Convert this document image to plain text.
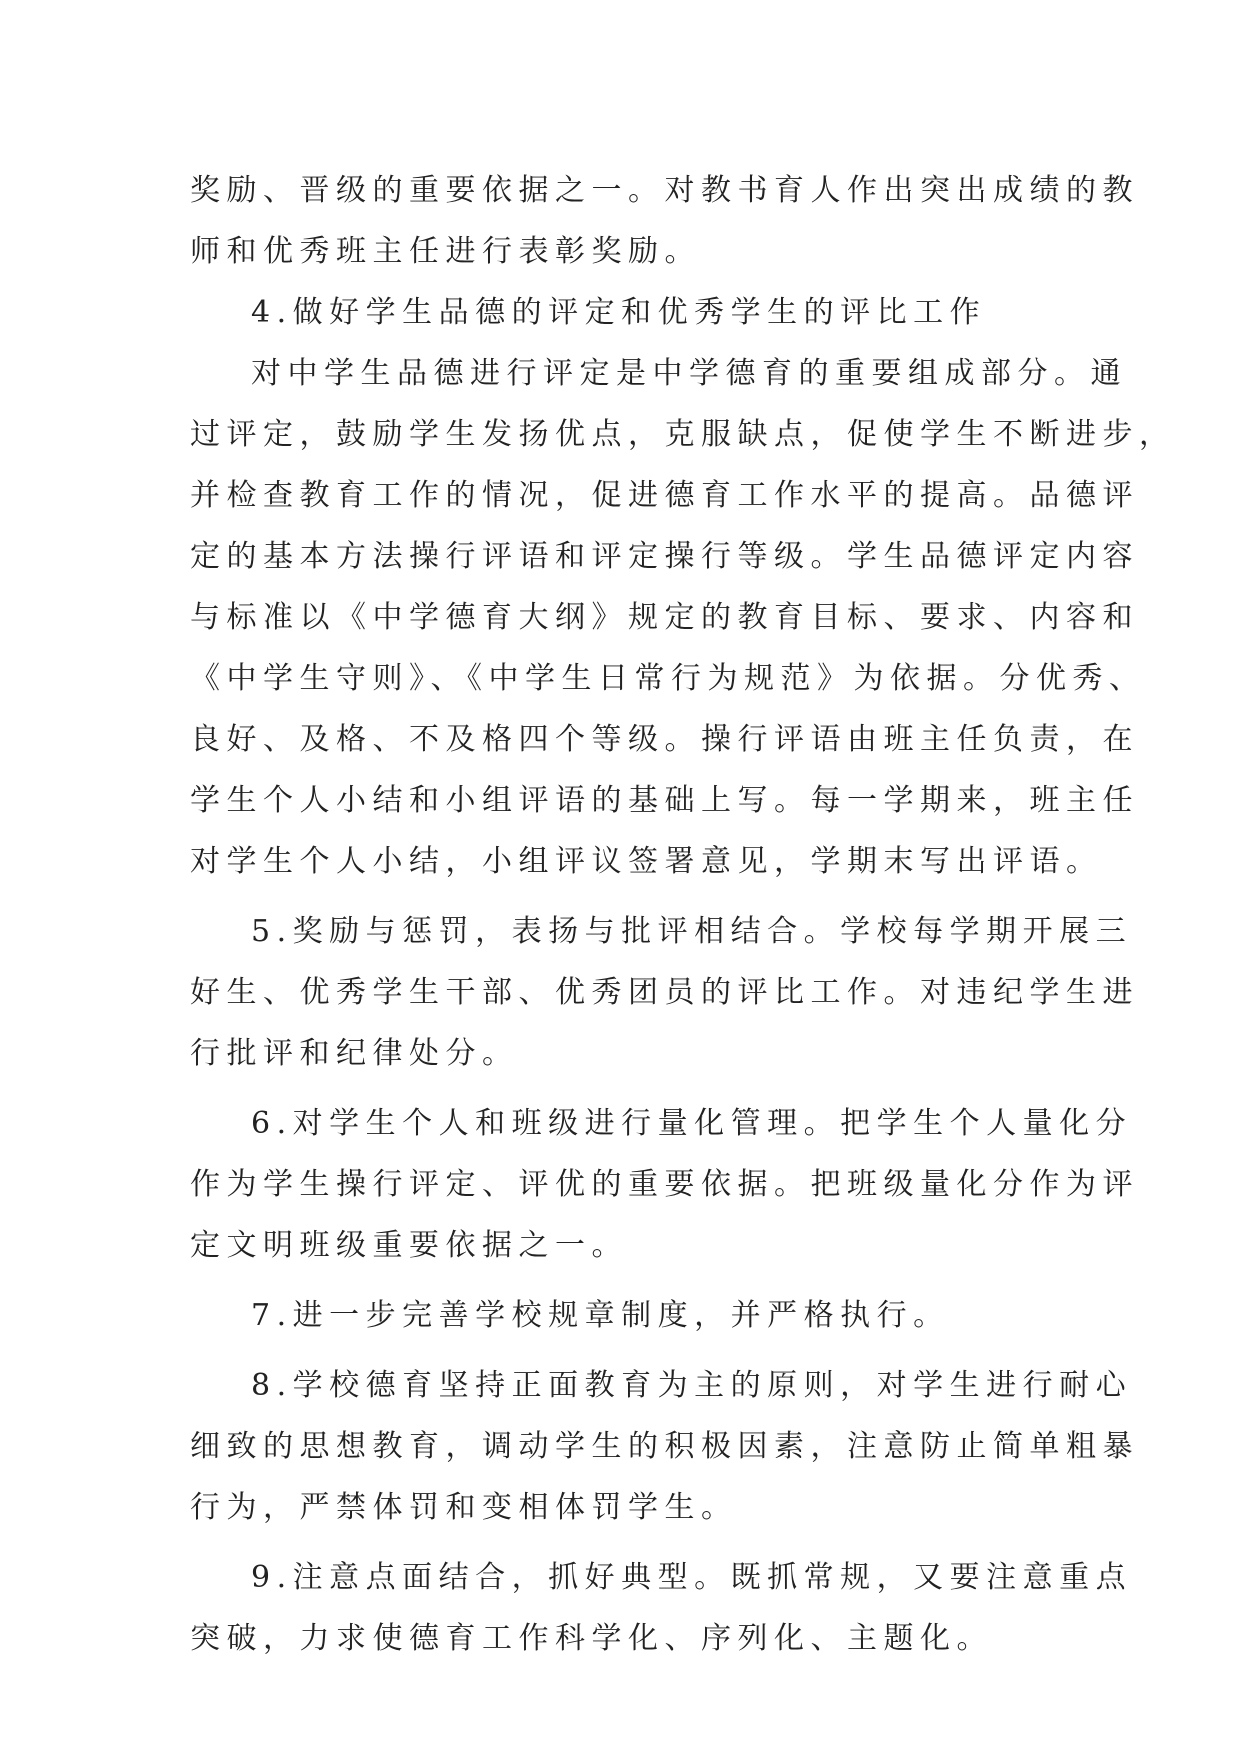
奖励、晋级的重要依据之一。对教书育人作出突出成绩的教
师和优秀班主任进行表彰奖励。
4.做好学生品德的评定和优秀学生的评比工作
对中学生品德进行评定是中学德育的重要组成部分。通
过评定，鼓励学生发扬优点，克服缺点，促使学生不断进步，
并检查教育工作的情况，促进德育工作水平的提高。品德评
定的基本方法操行评语和评定操行等级。学生品德评定内容
与标准以《中学德育大纲》规定的教育目标、要求、内容和
《中学生守则》、《中学生日常行为规范》为依据。分优秀、
良好、及格、不及格四个等级。操行评语由班主任负责，在
学生个人小结和小组评语的基础上写。每一学期来，班主任
对学生个人小结，小组评议签署意见，学期末写出评语。
5.奖励与惩罚，表扬与批评相结合。学校每学期开展三
好生、优秀学生干部、优秀团员的评比工作。对违纪学生进
行批评和纪律处分。
6.对学生个人和班级进行量化管理。把学生个人量化分
作为学生操行评定、评优的重要依据。把班级量化分作为评
定文明班级重要依据之一。
7.进一步完善学校规章制度，并严格执行。
8.学校德育坚持正面教育为主的原则，对学生进行耐心
细致的思想教育，调动学生的积极因素，注意防止简单粗暴
行为，严禁体罚和变相体罚学生。
9.注意点面结合，抓好典型。既抓常规，又要注意重点
突破，力求使德育工作科学化、序列化、主题化。
